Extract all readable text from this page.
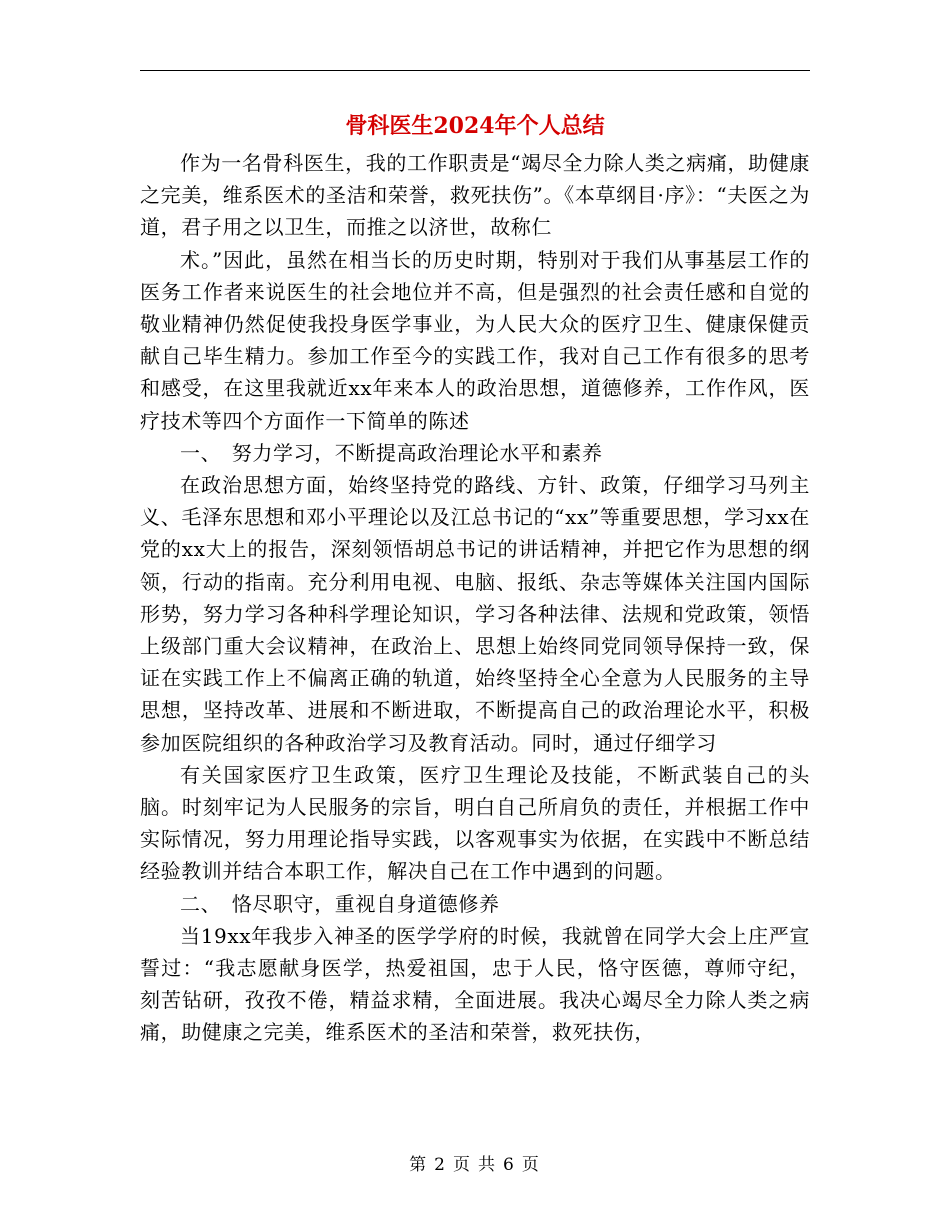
骨科医生2024年个人总结

作为一名骨科医生，我的工作职责是“竭尽全力除人类之病痛，助健康之完美，维系医术的圣洁和荣誉，救死扶伤”。《本草纲目·序》：“夫医之为道，君子用之以卫生，而推之以济世，故称仁

术。”因此，虽然在相当长的历史时期，特别对于我们从事基层工作的医务工作者来说医生的社会地位并不高，但是强烈的社会责任感和自觉的敬业精神仍然促使我投身医学事业，为人民大众的医疗卫生、健康保健贡献自己毕生精力。参加工作至今的实践工作，我对自己工作有很多的思考和感受，在这里我就近xx年来本人的政治思想，道德修养，工作作风，医疗技术等四个方面作一下简单的陈述

一、　努力学习，不断提高政治理论水平和素养

在政治思想方面，始终坚持党的路线、方针、政策，仔细学习马列主义、毛泽东思想和邓小平理论以及江总书记的“xx”等重要思想，学习xx在党的xx大上的报告，深刻领悟胡总书记的讲话精神，并把它作为思想的纲领，行动的指南。充分利用电视、电脑、报纸、杂志等媒体关注国内国际形势，努力学习各种科学理论知识，学习各种法律、法规和党政策，领悟上级部门重大会议精神，在政治上、思想上始终同党同领导保持一致，保证在实践工作上不偏离正确的轨道，始终坚持全心全意为人民服务的主导思想，坚持改革、进展和不断进取，不断提高自己的政治理论水平，积极参加医院组织的各种政治学习及教育活动。同时，通过仔细学习

有关国家医疗卫生政策，医疗卫生理论及技能，不断武装自己的头脑。时刻牢记为人民服务的宗旨，明白自己所肩负的责任，并根据工作中实际情况，努力用理论指导实践，以客观事实为依据，在实践中不断总结经验教训并结合本职工作，解决自己在工作中遇到的问题。

二、　恪尽职守，重视自身道德修养

当19xx年我步入神圣的医学学府的时候，我就曾在同学大会上庄严宣誓过：“我志愿献身医学，热爱祖国，忠于人民，恪守医德，尊师守纪，刻苦钻研，孜孜不倦，精益求精，全面进展。我决心竭尽全力除人类之病痛，助健康之完美，维系医术的圣洁和荣誉，救死扶伤，

第 2 页 共 6 页
